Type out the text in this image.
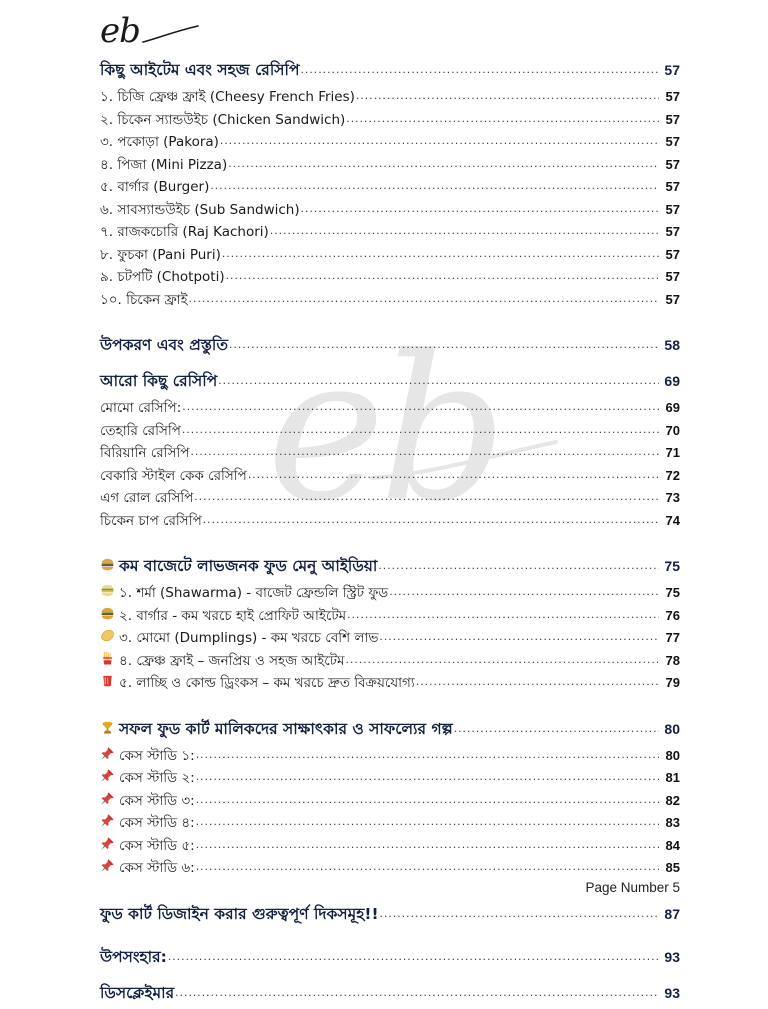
eb
eb
কিছু আইটেম এবং সহজ রেসিপি .....	57
১. চিজি ফ্রেঞ্চ ফ্রাই (Cheesy French Fries) .....	57
২. চিকেন স্যান্ডউইচ (Chicken Sandwich) .....	57
৩. পকোড়া (Pakora) .....	57
৪. পিজা (Mini Pizza) .....	57
৫. বার্গার (Burger) .....	57
৬. সাবস্যান্ডউইচ (Sub Sandwich) .....	57
৭. রাজকচোরি (Raj Kachori) .....	57
৮. ফুচকা (Pani Puri) .....	57
৯. চটপটি (Chotpoti) .....	57
১০. চিকেন ফ্রাই .....	57
উপকরণ এবং প্রস্তুতি .....	58
আরো কিছু রেসিপি .....	69
মোমো রেসিপি: .....	69
তেহারি রেসিপি .....	70
বিরিয়ানি রেসিপি .....	71
বেকারি স্টাইল কেক রেসিপি .....	72
এগ রোল রেসিপি .....	73
চিকেন চাপ রেসিপি .....	74
কম বাজেটে লাভজনক ফুড মেনু আইডিয়া .....	75
১. শর্মা (Shawarma) - বাজেট ফ্রেন্ডলি স্ট্রিট ফুড .....	75
২. বার্গার - কম খরচে হাই প্রোফিট আইটেম .....	76
৩. মোমো (Dumplings) - কম খরচে বেশি লাভ .....	77
৪. ফ্রেঞ্চ ফ্রাই – জনপ্রিয় ও সহজ আইটেম .....	78
৫. লাচ্ছি ও কোল্ড ড্রিংকস – কম খরচে দ্রুত বিক্রয়যোগ্য .....	79
সফল ফুড কার্ট মালিকদের সাক্ষাৎকার ও সাফল্যের গল্প .....	80
কেস স্টাডি ১: .....	80
কেস স্টাডি ২: .....	81
কেস স্টাডি ৩: .....	82
কেস স্টাডি ৪: .....	83
কেস স্টাডি ৫: .....	84
কেস স্টাডি ৬: .....	85
ফুড কার্ট ডিজাইন করার গুরুত্বপূর্ণ দিকসমূহ!! .....	87
উপসংহার: .....	93
ডিসক্লেইমার .....	93
Page Number 5
